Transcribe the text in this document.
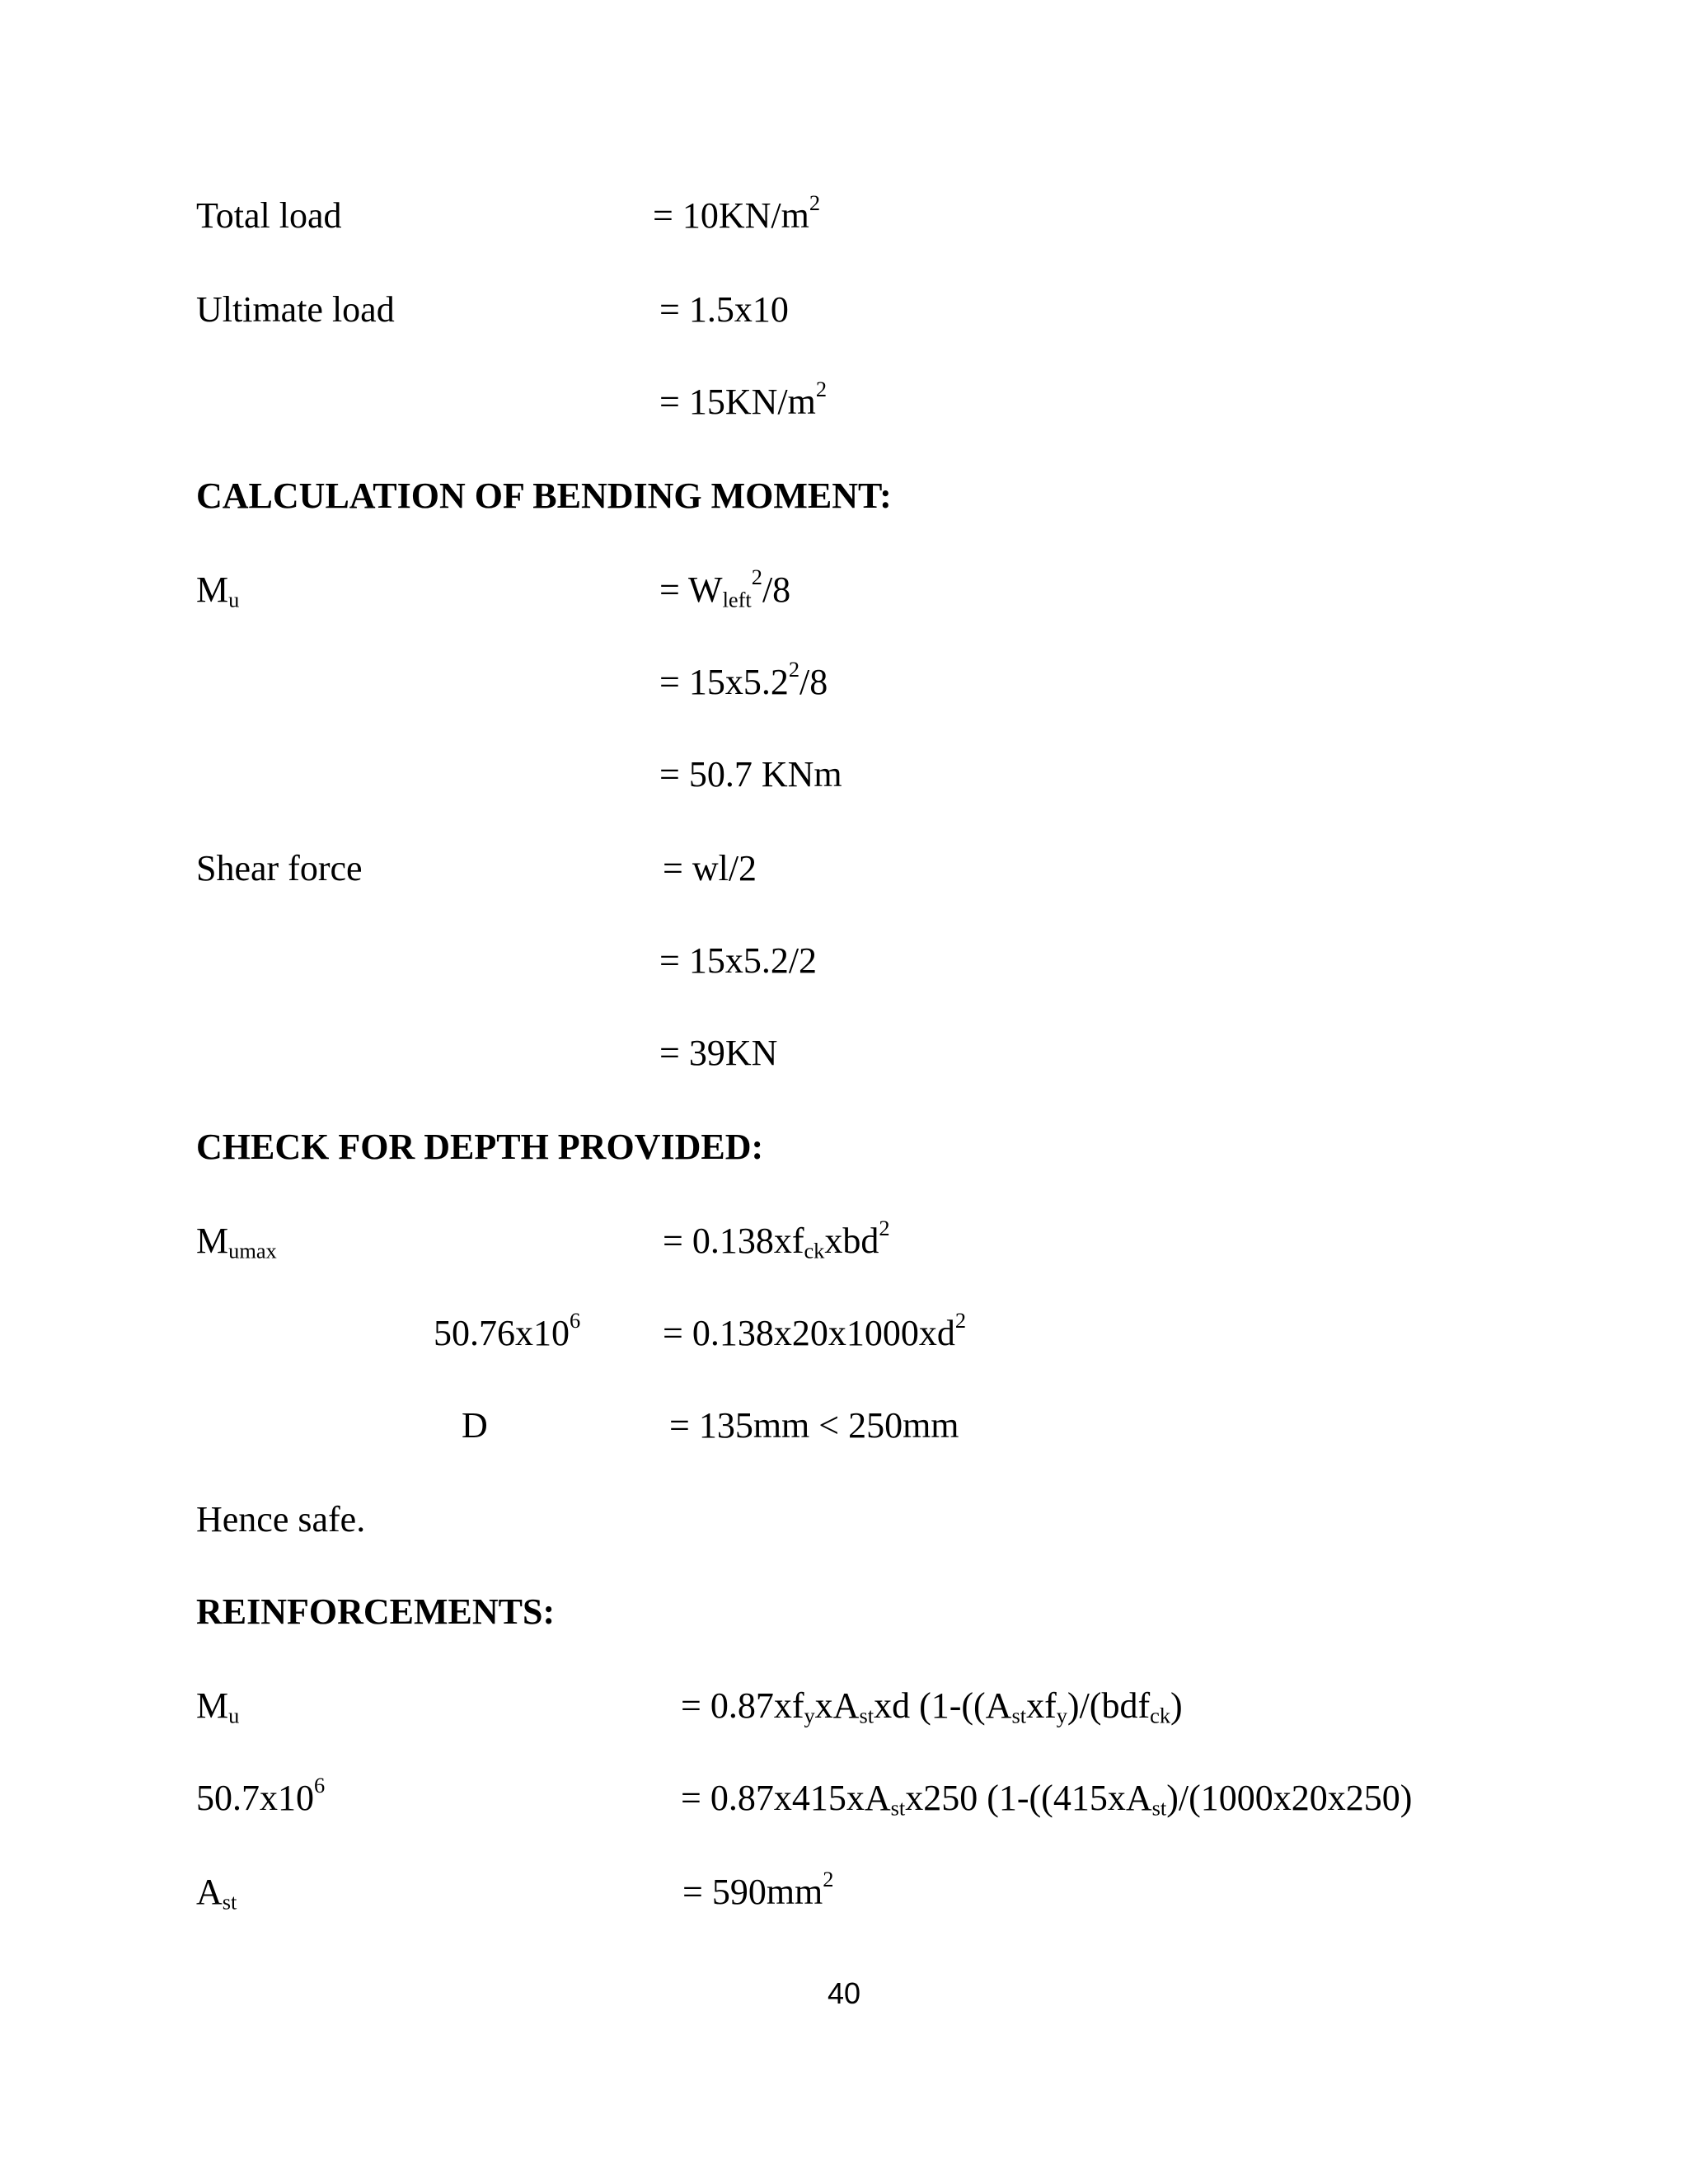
Total load	= $10KN/m^2$
Ultimate load	= 1.5x10
= $15KN/m^2$
CALCULATION OF BENDING MOMENT:
$M_u$	= $W_{left}^2/8$
= $15x5.2^2/8$
= 50.7 KNm
Shear force	= wl/2
= 15x5.2/2
= 39KN
CHECK FOR DEPTH PROVIDED:
$M_{umax}$	= $0.138xf_{ck}xbd^2$
$50.76x10^6 = 0.138x20x1000xd^2$
D	= 135mm < 250mm
Hence safe.
REINFORCEMENTS:
$M_u$	= $0.87xf_yxA_{st}xd$ ($1-((A_{st}xf_y)/(bdf_{ck})$
$50.7x10^6$	= $0.87x415xA_{st}x250$ ($1-((415xA_{st})/(1000x20x250)$
$A_{st}$	= $590mm^2$
40
